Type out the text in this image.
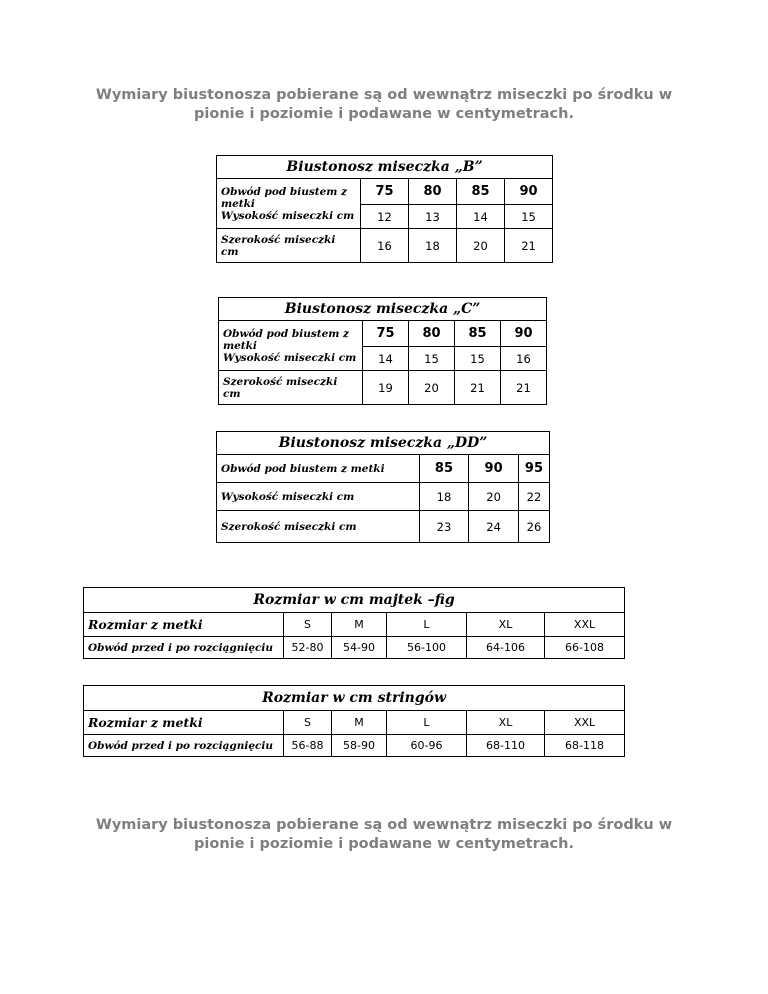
Wymiary biustonosza pobierane są od wewnątrz miseczki po środku w
pionie i poziomie i podawane w centymetrach.
Biustonosz miseczka „B”				

Obwód pod biustem z
metki
Wysokość miseczki cm	75	80	85	90
	12	13	14	15
Szerokość miseczki cm	16	18	20	21
Biustonosz miseczka „C”				

Obwód pod biustem z
metki
Wysokość miseczki cm	75	80	85	90
	14	15	15	16

Szerokość miseczki
cm	19	20	21	21
Biustonosz miseczka „DD”			
Obwód pod biustem z metki	85	90	95
Wysokość miseczki cm	18	20	22
Szerokość miseczki cm	23	24	26
Rozmiar w cm majtek –fig					
Rozmiar z metki	S	M	L	XL	XXL
Obwód przed i po rozciągnięciu	52-80	54-90	56-100	64-106	66-108
Rozmiar w cm stringów					
Rozmiar z metki	S	M	L	XL	XXL
Obwód przed i po rozciągnięciu	56-88	58-90	60-96	68-110	68-118
Wymiary biustonosza pobierane są od wewnątrz miseczki po środku w
pionie i poziomie i podawane w centymetrach.
